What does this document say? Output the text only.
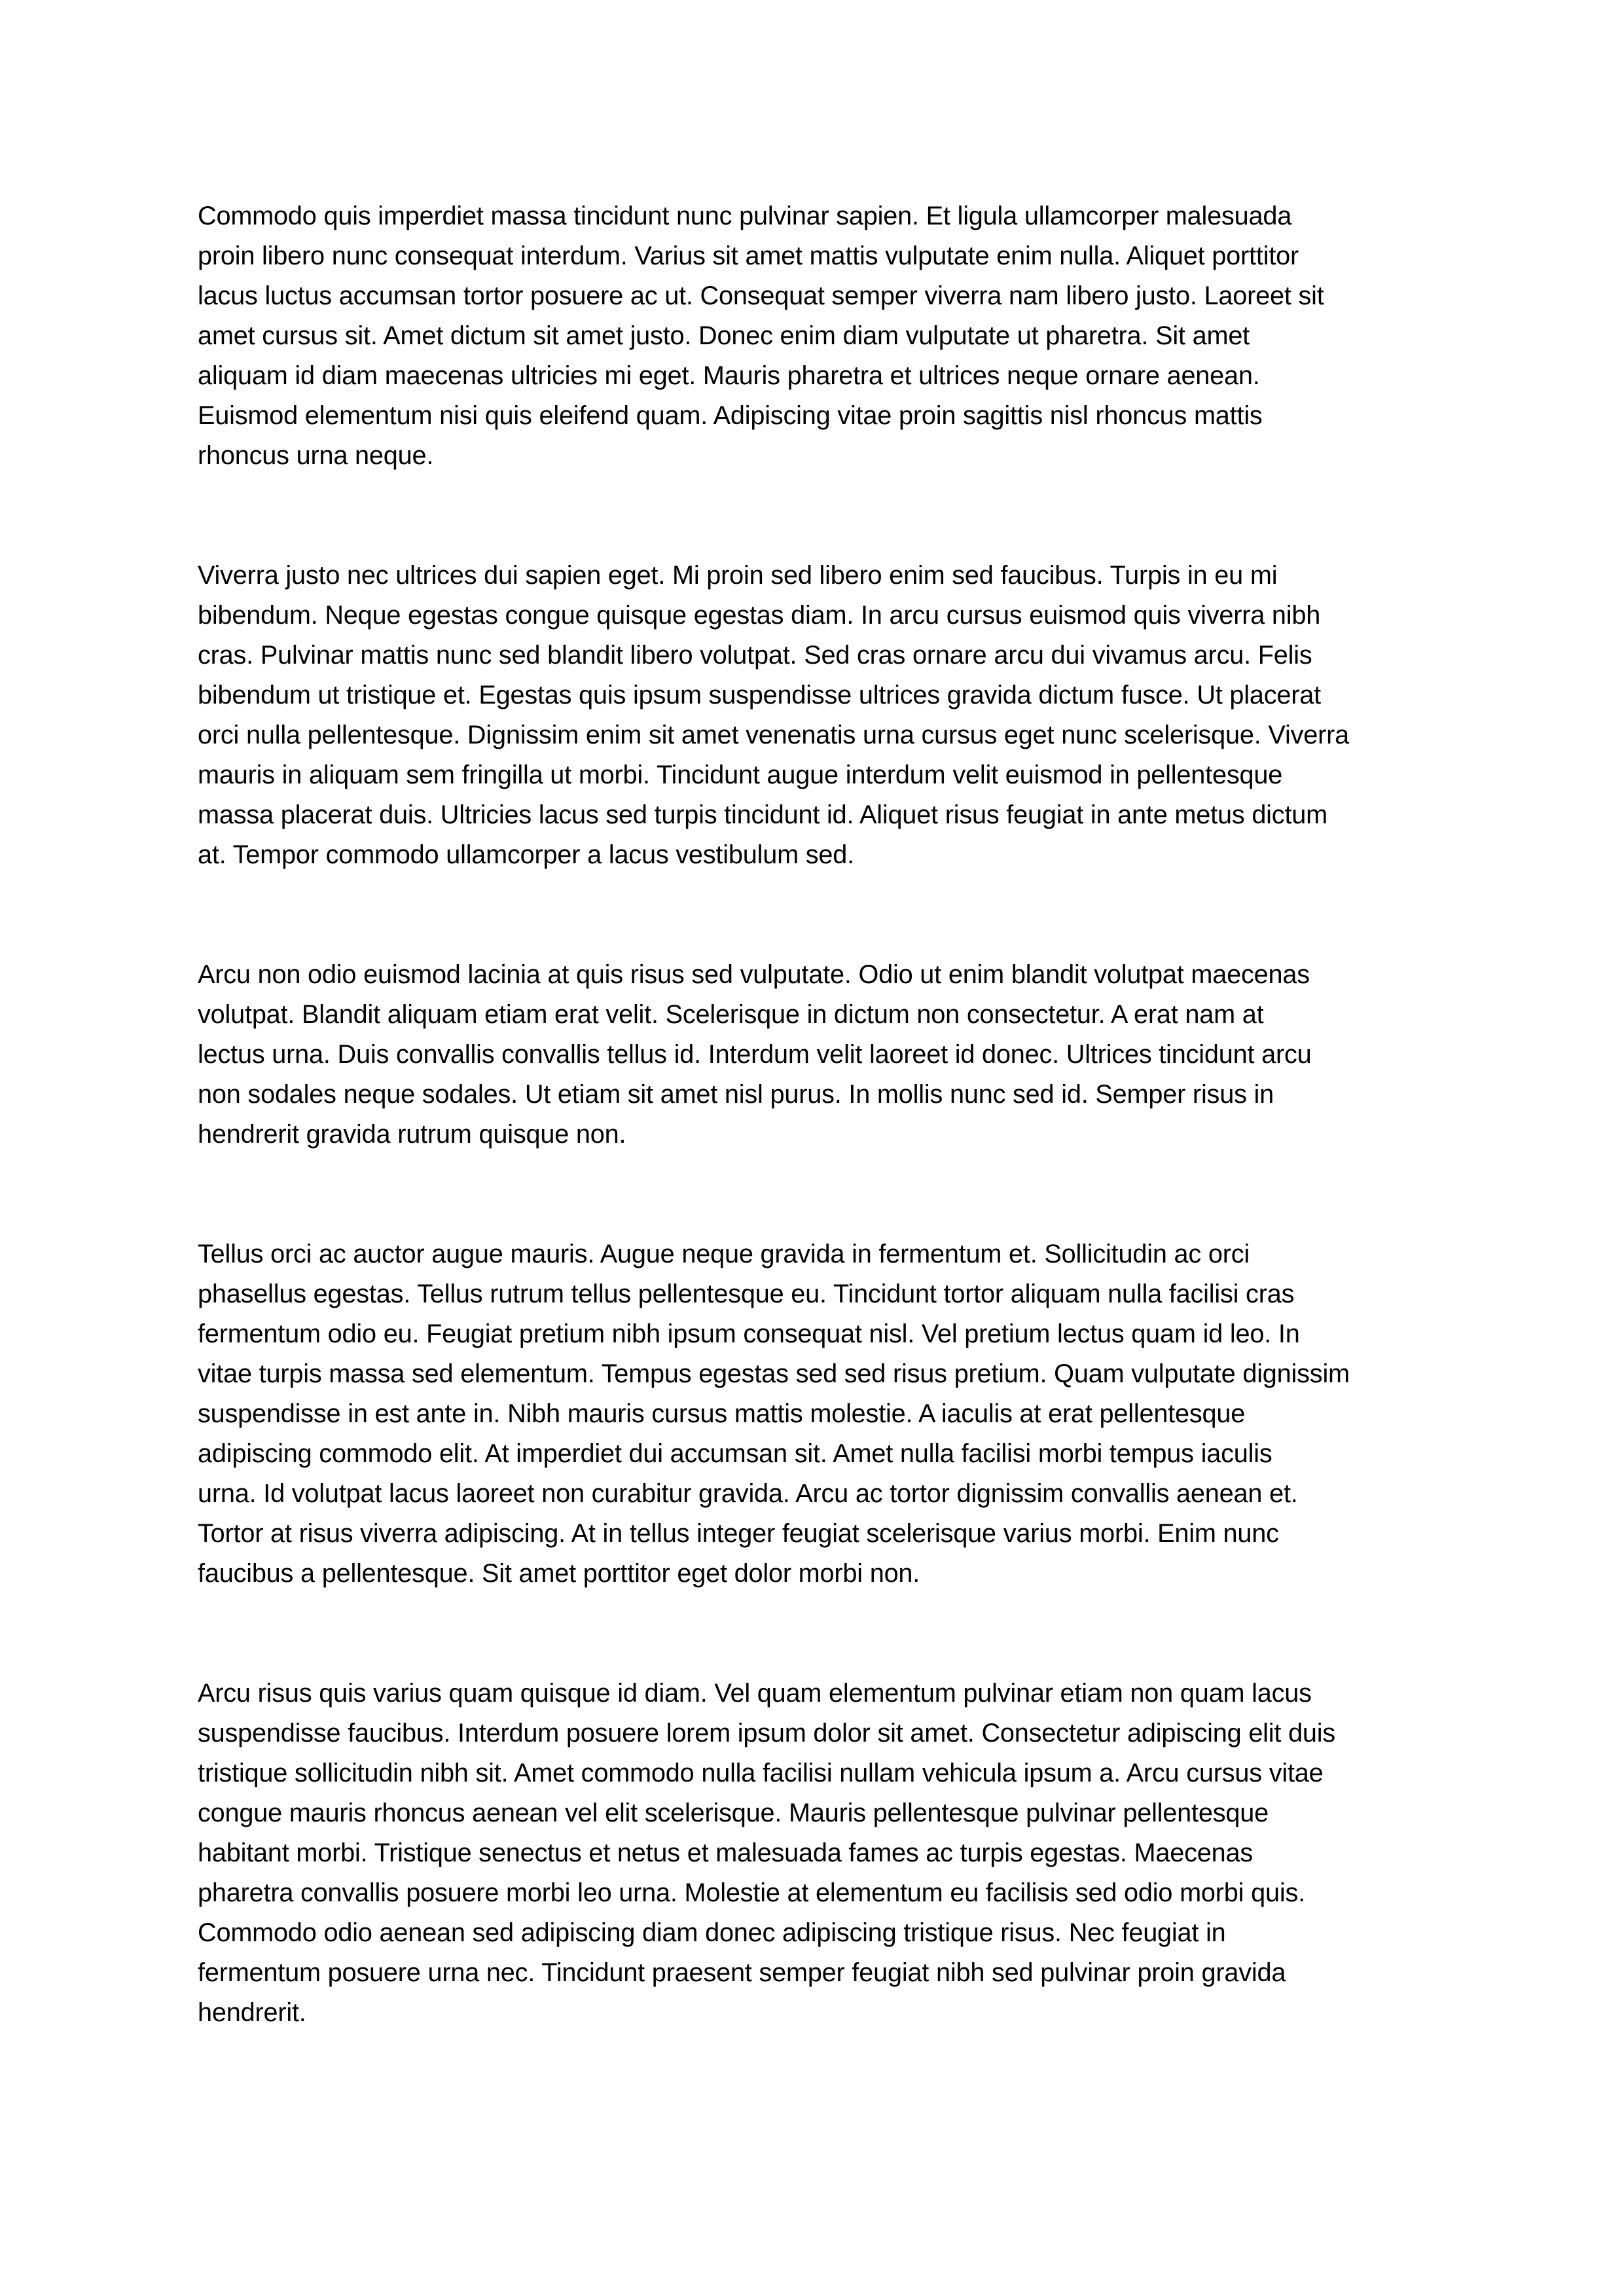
Commodo quis imperdiet massa tincidunt nunc pulvinar sapien. Et ligula ullamcorper malesuada
proin libero nunc consequat interdum. Varius sit amet mattis vulputate enim nulla. Aliquet porttitor
lacus luctus accumsan tortor posuere ac ut. Consequat semper viverra nam libero justo. Laoreet sit
amet cursus sit. Amet dictum sit amet justo. Donec enim diam vulputate ut pharetra. Sit amet
aliquam id diam maecenas ultricies mi eget. Mauris pharetra et ultrices neque ornare aenean.
Euismod elementum nisi quis eleifend quam. Adipiscing vitae proin sagittis nisl rhoncus mattis
rhoncus urna neque.

Viverra justo nec ultrices dui sapien eget. Mi proin sed libero enim sed faucibus. Turpis in eu mi
bibendum. Neque egestas congue quisque egestas diam. In arcu cursus euismod quis viverra nibh
cras. Pulvinar mattis nunc sed blandit libero volutpat. Sed cras ornare arcu dui vivamus arcu. Felis
bibendum ut tristique et. Egestas quis ipsum suspendisse ultrices gravida dictum fusce. Ut placerat
orci nulla pellentesque. Dignissim enim sit amet venenatis urna cursus eget nunc scelerisque. Viverra
mauris in aliquam sem fringilla ut morbi. Tincidunt augue interdum velit euismod in pellentesque
massa placerat duis. Ultricies lacus sed turpis tincidunt id. Aliquet risus feugiat in ante metus dictum
at. Tempor commodo ullamcorper a lacus vestibulum sed.

Arcu non odio euismod lacinia at quis risus sed vulputate. Odio ut enim blandit volutpat maecenas
volutpat. Blandit aliquam etiam erat velit. Scelerisque in dictum non consectetur. A erat nam at
lectus urna. Duis convallis convallis tellus id. Interdum velit laoreet id donec. Ultrices tincidunt arcu
non sodales neque sodales. Ut etiam sit amet nisl purus. In mollis nunc sed id. Semper risus in
hendrerit gravida rutrum quisque non.

Tellus orci ac auctor augue mauris. Augue neque gravida in fermentum et. Sollicitudin ac orci
phasellus egestas. Tellus rutrum tellus pellentesque eu. Tincidunt tortor aliquam nulla facilisi cras
fermentum odio eu. Feugiat pretium nibh ipsum consequat nisl. Vel pretium lectus quam id leo. In
vitae turpis massa sed elementum. Tempus egestas sed sed risus pretium. Quam vulputate dignissim
suspendisse in est ante in. Nibh mauris cursus mattis molestie. A iaculis at erat pellentesque
adipiscing commodo elit. At imperdiet dui accumsan sit. Amet nulla facilisi morbi tempus iaculis
urna. Id volutpat lacus laoreet non curabitur gravida. Arcu ac tortor dignissim convallis aenean et.
Tortor at risus viverra adipiscing. At in tellus integer feugiat scelerisque varius morbi. Enim nunc
faucibus a pellentesque. Sit amet porttitor eget dolor morbi non.

Arcu risus quis varius quam quisque id diam. Vel quam elementum pulvinar etiam non quam lacus
suspendisse faucibus. Interdum posuere lorem ipsum dolor sit amet. Consectetur adipiscing elit duis
tristique sollicitudin nibh sit. Amet commodo nulla facilisi nullam vehicula ipsum a. Arcu cursus vitae
congue mauris rhoncus aenean vel elit scelerisque. Mauris pellentesque pulvinar pellentesque
habitant morbi. Tristique senectus et netus et malesuada fames ac turpis egestas. Maecenas
pharetra convallis posuere morbi leo urna. Molestie at elementum eu facilisis sed odio morbi quis.
Commodo odio aenean sed adipiscing diam donec adipiscing tristique risus. Nec feugiat in
fermentum posuere urna nec. Tincidunt praesent semper feugiat nibh sed pulvinar proin gravida
hendrerit.
